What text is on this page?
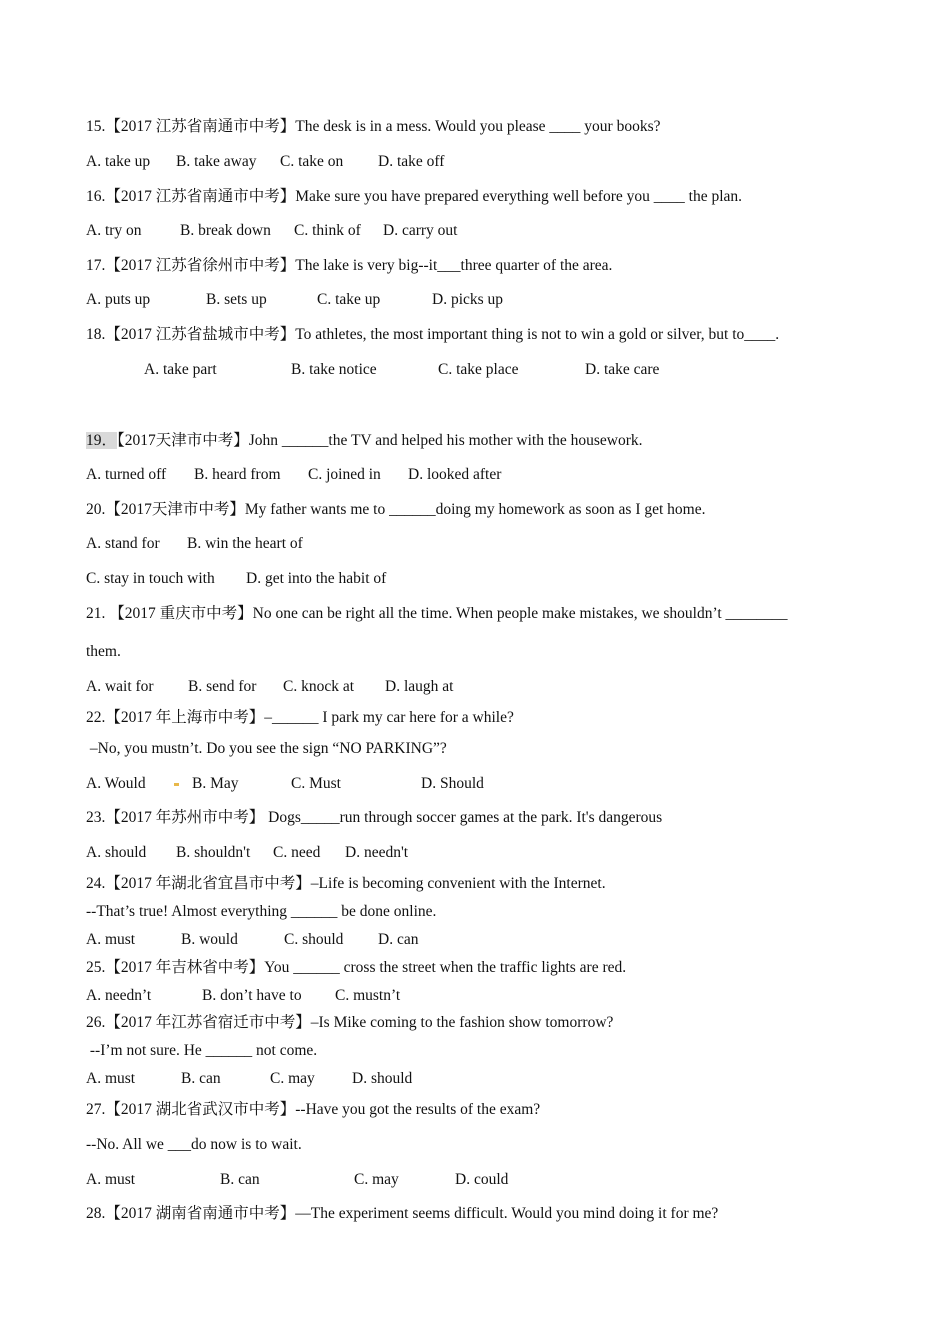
15.【2017 江苏省南通市中考】The desk is in a mess. Would you please ____ your books?

A. take up

B. take away

C. take on

D. take off

16.【2017 江苏省南通市中考】Make sure you have prepared everything well before you ____ the plan.

A. try on

B. break down

C. think of

D. carry out

17.【2017 江苏省徐州市中考】The lake is very big--it___three quarter of the area.

A. puts up

	B. sets up

	C. take up

	D. picks up

18.【2017 江苏省盐城市中考】To athletes, the most important thing is not to win a gold or silver, but to____.

A. take part

	B. take notice

	C. take place

	D. take care

19．【2017天津市中考】John ______the TV and helped his mother with the housework.

A. turned off

B. heard from

C. joined in

D. looked after

20.【2017天津市中考】My father wants me to ______doing my homework as soon as I get home.

A. stand for

B. win the heart of

C. stay in touch with

D. get into the habit of

21. 【2017 重庆市中考】No one can be right all the time. When people make mistakes, we shouldn’t ________
them.

A. wait for

B. send for

C. knock at

D. laugh at

22.【2017 年上海市中考】–______ I park my car here for a while?
–No, you mustn’t. Do you see the sign “NO PARKING”?

A. Would

	B. May

	C. Must

	D. Should

23.【2017 年苏州市中考】 Dogs_____run through soccer games at the park. It's dangerous

A. should

B. shouldn't

C. need

D. needn't

24.【2017 年湖北省宜昌市中考】–Life is becoming convenient with the Internet.
--That’s true! Almost everything ______ be done online.

A. must

	B. would

	C. should

D. can

25.【2017 年吉林省中考】You ______ cross the street when the traffic lights are red.

A. needn’t

	B. don’t have to

C. mustn’t

26.【2017 年江苏省宿迁市中考】–Is Mike coming to the fashion show tomorrow?
--I’m not sure. He ______ not come.

A. must

	B. can

	C. may

D. should

27.【2017 湖北省武汉市中考】--Have you got the results of the exam?
--No. All we ___do now is to wait.

A. must

	B. can

	C. may

	D. could

28.【2017 湖南省南通市中考】—The experiment seems difficult. Would you mind doing it for me?
